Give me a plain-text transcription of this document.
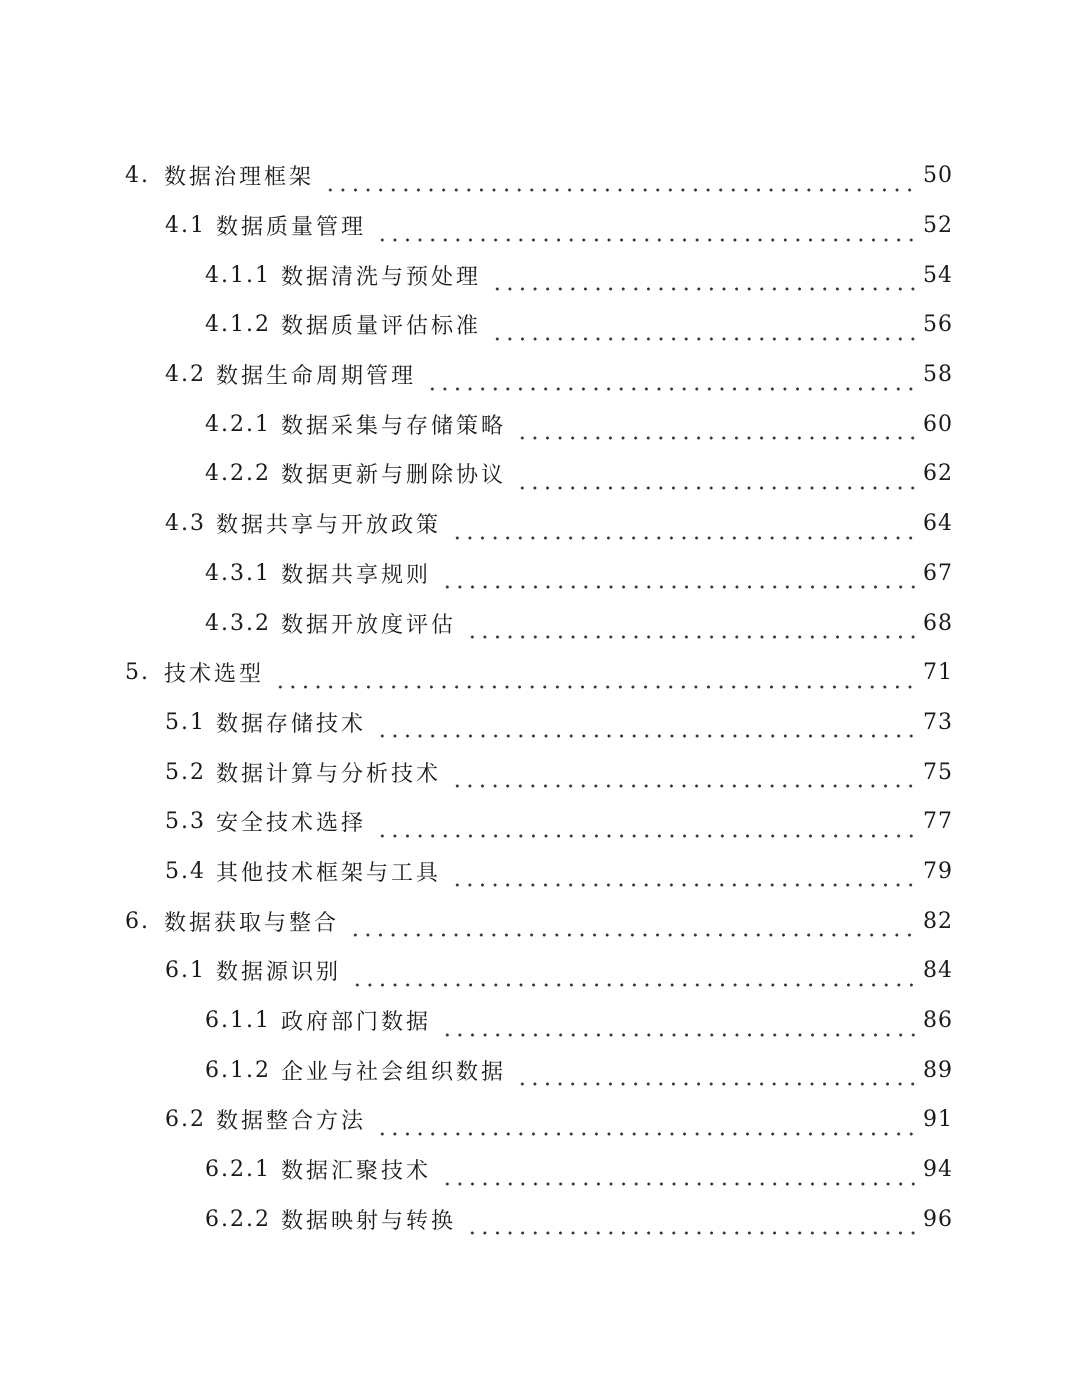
4. 数据治理框架	50
4.1 数据质量管理	52
4.1.1 数据清洗与预处理	54
4.1.2 数据质量评估标准	56
4.2 数据生命周期管理	58
4.2.1 数据采集与存储策略	60
4.2.2 数据更新与删除协议	62
4.3 数据共享与开放政策	64
4.3.1 数据共享规则	67
4.3.2 数据开放度评估	68
5. 技术选型	71
5.1 数据存储技术	73
5.2 数据计算与分析技术	75
5.3 安全技术选择	77
5.4 其他技术框架与工具	79
6. 数据获取与整合	82
6.1 数据源识别	84
6.1.1 政府部门数据	86
6.1.2 企业与社会组织数据	89
6.2 数据整合方法	91
6.2.1 数据汇聚技术	94
6.2.2 数据映射与转换	96
